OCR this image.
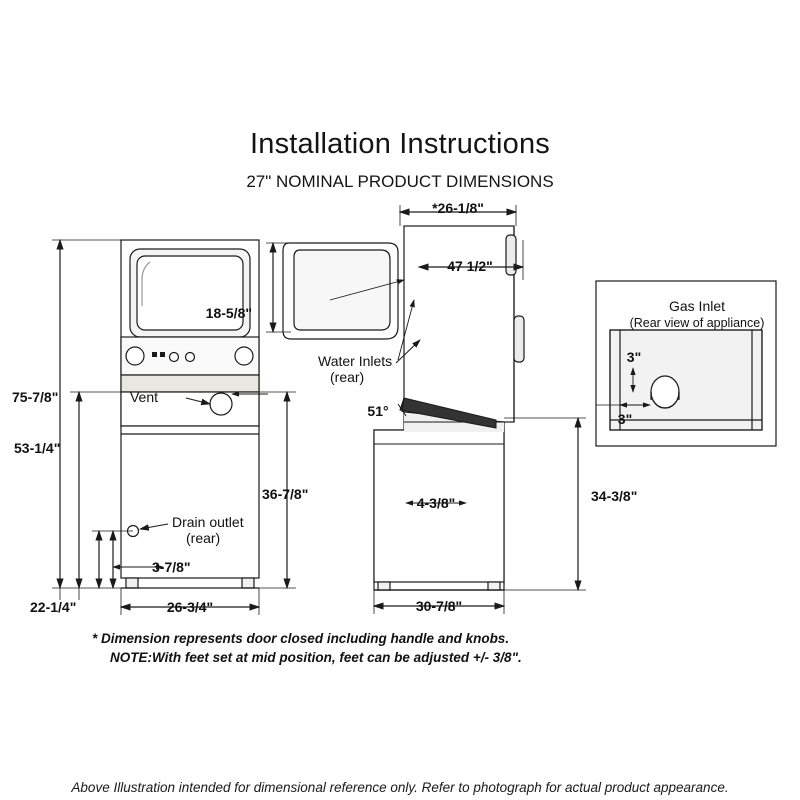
Installation Instructions
27" NOMINAL PRODUCT DIMENSIONS
75-7/8"
53-1/4"
22-1/4"
3-7/8"
26-3/4"
36-7/8"
18-5/8"
*26-1/8"
47 1/2"
51°
4-3/8"
30-7/8"
34-3/8"
3"
3"
Vent
Drain outlet
(rear)
Water Inlets
(rear)
Gas Inlet
(Rear view of appliance)
* Dimension represents door closed including handle and knobs.
NOTE:With feet set at mid position, feet can be adjusted +/- 3/8".
Above Illustration intended for dimensional reference only. Refer to photograph for actual product appearance.
